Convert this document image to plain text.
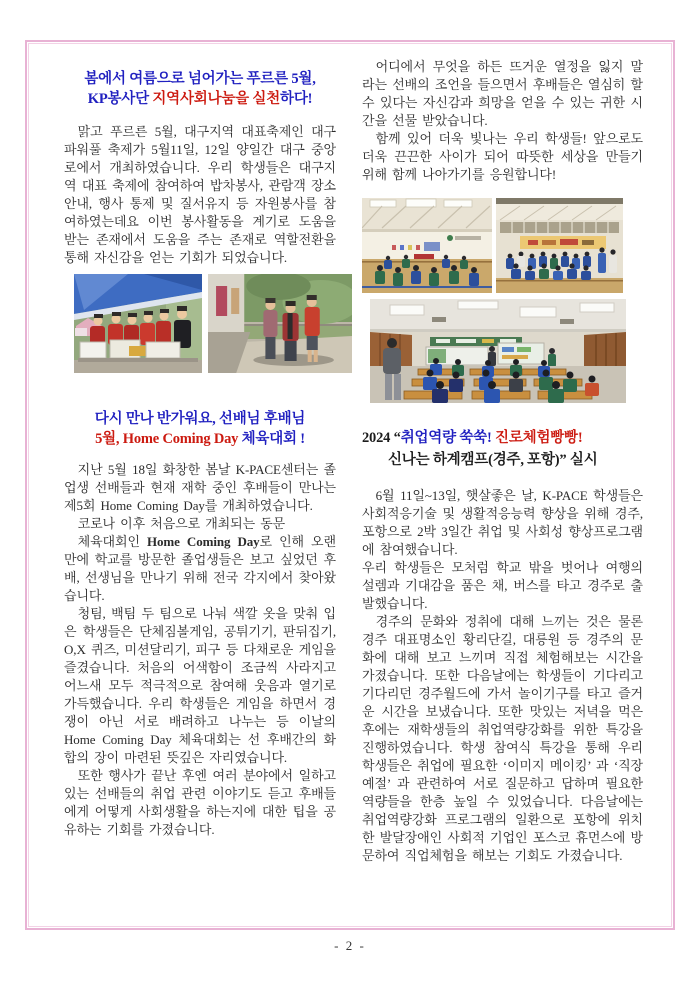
봄에서 여름으로 넘어가는 푸르른 5월,
KP봉사단 지역사회나눔을 실천하다!

맑고 푸르른 5월, 대구지역 대표축제인 대구 파워풀 축제가 5월11일, 12일 양일간 대구 중앙로에서 개최하였습니다. 우리 학생들은 대구지역 대표 축제에 참여하여 밥차봉사, 관람객 장소안내, 행사 통제 및 질서유지 등 자원봉사를 참여하였는데요 이번 봉사활동을 계기로 도움을 받는 존재에서 도움을 주는 존재로 역할전환을 통해 자신감을 얻는 기회가 되었습니다.

다시 만나 반가워요, 선배님 후배님
5월, Home Coming Day 체육대회 !

지난 5월 18일 화창한 봄날 K-PACE센터는 졸업생 선배들과 현재 재학 중인 후배들이 만나는 제5회 Home Coming Day를 개최하였습니다.

코로나 이후 처음으로 개최되는 동문

체육대회인 Home Coming Day로 인해 오랜 만에 학교를 방문한 졸업생들은 보고 싶었던 후배, 선생님을 만나기 위해 전국 각지에서 찾아왔습니다.

청팀, 백팀 두 팀으로 나눠 색깔 옷을 맞춰 입은 학생들은 단체짐볼게임, 공튀기기, 판뒤집기, O,X 퀴즈, 미션달리기, 피구 등 다채로운 게임을 즐겼습니다. 처음의 어색함이 조금씩 사라지고 어느새 모두 적극적으로 참여해 웃음과 열기로 가득했습니다. 우리 학생들은 게임을 하면서 경쟁이 아닌 서로 배려하고 나누는 등 이날의 Home Coming Day 체육대회는 선 후배간의 화합의 장이 마련된 뜻깊은 자리였습니다.

또한 행사가 끝난 후엔 여러 분야에서 일하고 있는 선배들의 취업 관련 이야기도 듣고 후배들에게 어떻게 사회생활을 하는지에 대한 팁을 공유하는 기회를 가졌습니다.

어디에서 무엇을 하든 뜨거운 열정을 잃지 말라는 선배의 조언을 들으면서 후배들은 열심히 할 수 있다는 자신감과 희망을 얻을 수 있는 귀한 시간을 선물 받았습니다.

함께 있어 더욱 빛나는 우리 학생들! 앞으로도 더욱 끈끈한 사이가 되어 따뜻한 세상을 만들기 위해 함께 나아가기를 응원합니다!

2024 “취업역량 쑥쑥! 진로체험빵빵!
신나는 하계캠프(경주, 포항)” 실시

6월 11일~13일, 햇살좋은 날, K-PACE 학생들은 사회적응기술 및 생활적응능력 향상을 위해 경주, 포항으로 2박 3일간 취업 및 사회성 향상프로그램에 참여했습니다.

우리 학생들은 모처럼 학교 밖을 벗어나 여행의 설렘과 기대감을 품은 채, 버스를 타고 경주로 출발했습니다.

경주의 문화와 정취에 대해 느끼는 것은 물론 경주 대표명소인 황리단길, 대릉원 등 경주의 문화에 대해 보고 느끼며 직접 체험해보는 시간을 가졌습니다. 또한 다음날에는 학생들이 기다리고 기다리던 경주월드에 가서 놀이기구를 타고 즐거운 시간을 보냈습니다. 또한 맛있는 저녁을 먹은 후에는 재학생들의 취업역량강화를 위한 특강을 진행하였습니다. 학생 참여식 특강을 통해 우리 학생들은 취업에 필요한 ‘이미지 메이킹’ 과 ‘직장 예절’ 과 관련하여 서로 질문하고 답하며 필요한 역량들을 한층 높일 수 있었습니다. 다음날에는 취업역량강화 프로그램의 일환으로 포항에 위치한 발달장애인 사회적 기업인 포스코 휴먼스에 방문하여 직업체험을 해보는 기회도 가졌습니다.

- 2 -
